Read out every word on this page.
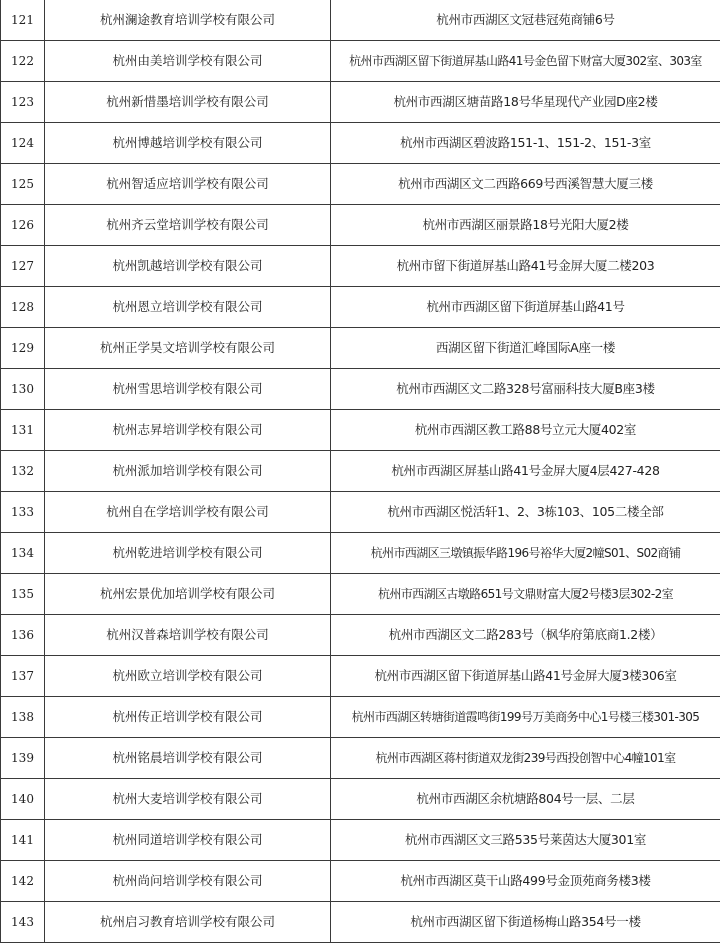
121	杭州澜途教育培训学校有限公司	杭州市西湖区文冠巷冠苑商铺6号
122	杭州由美培训学校有限公司	杭州市西湖区留下街道屏基山路41号金色留下财富大厦302室、303室
123	杭州新惜墨培训学校有限公司	杭州市西湖区塘苗路18号华星现代产业园D座2楼
124	杭州博越培训学校有限公司	杭州市西湖区碧波路151-1、151-2、151-3室
125	杭州智适应培训学校有限公司	杭州市西湖区文二西路669号西溪智慧大厦三楼
126	杭州齐云堂培训学校有限公司	杭州市西湖区丽景路18号光阳大厦2楼
127	杭州凯越培训学校有限公司	杭州市留下街道屏基山路41号金屏大厦二楼203
128	杭州恩立培训学校有限公司	杭州市西湖区留下街道屏基山路41号
129	杭州正学昊文培训学校有限公司	西湖区留下街道汇峰国际A座一楼
130	杭州雪思培训学校有限公司	杭州市西湖区文二路328号富丽科技大厦B座3楼
131	杭州志昇培训学校有限公司	杭州市西湖区教工路88号立元大厦402室
132	杭州派加培训学校有限公司	杭州市西湖区屏基山路41号金屏大厦4层427-428
133	杭州自在学培训学校有限公司	杭州市西湖区悦活轩1、2、3栋103、105二楼全部
134	杭州乾进培训学校有限公司	杭州市西湖区三墩镇振华路196号裕华大厦2幢S01、S02商铺
135	杭州宏景优加培训学校有限公司	杭州市西湖区古墩路651号文鼎财富大厦2号楼3层302-2室
136	杭州汉普森培训学校有限公司	杭州市西湖区文二路283号（枫华府第底商1.2楼）
137	杭州欧立培训学校有限公司	杭州市西湖区留下街道屏基山路41号金屏大厦3楼306室
138	杭州传正培训学校有限公司	杭州市西湖区转塘街道霞鸣街199号万美商务中心1号楼三楼301-305
139	杭州铭晨培训学校有限公司	杭州市西湖区蒋村街道双龙街239号西投创智中心4幢101室
140	杭州大麦培训学校有限公司	杭州市西湖区余杭塘路804号一层、二层
141	杭州同道培训学校有限公司	杭州市西湖区文三路535号莱茵达大厦301室
142	杭州尚问培训学校有限公司	杭州市西湖区莫干山路499号金顶苑商务楼3楼
143	杭州启习教育培训学校有限公司	杭州市西湖区留下街道杨梅山路354号一楼
